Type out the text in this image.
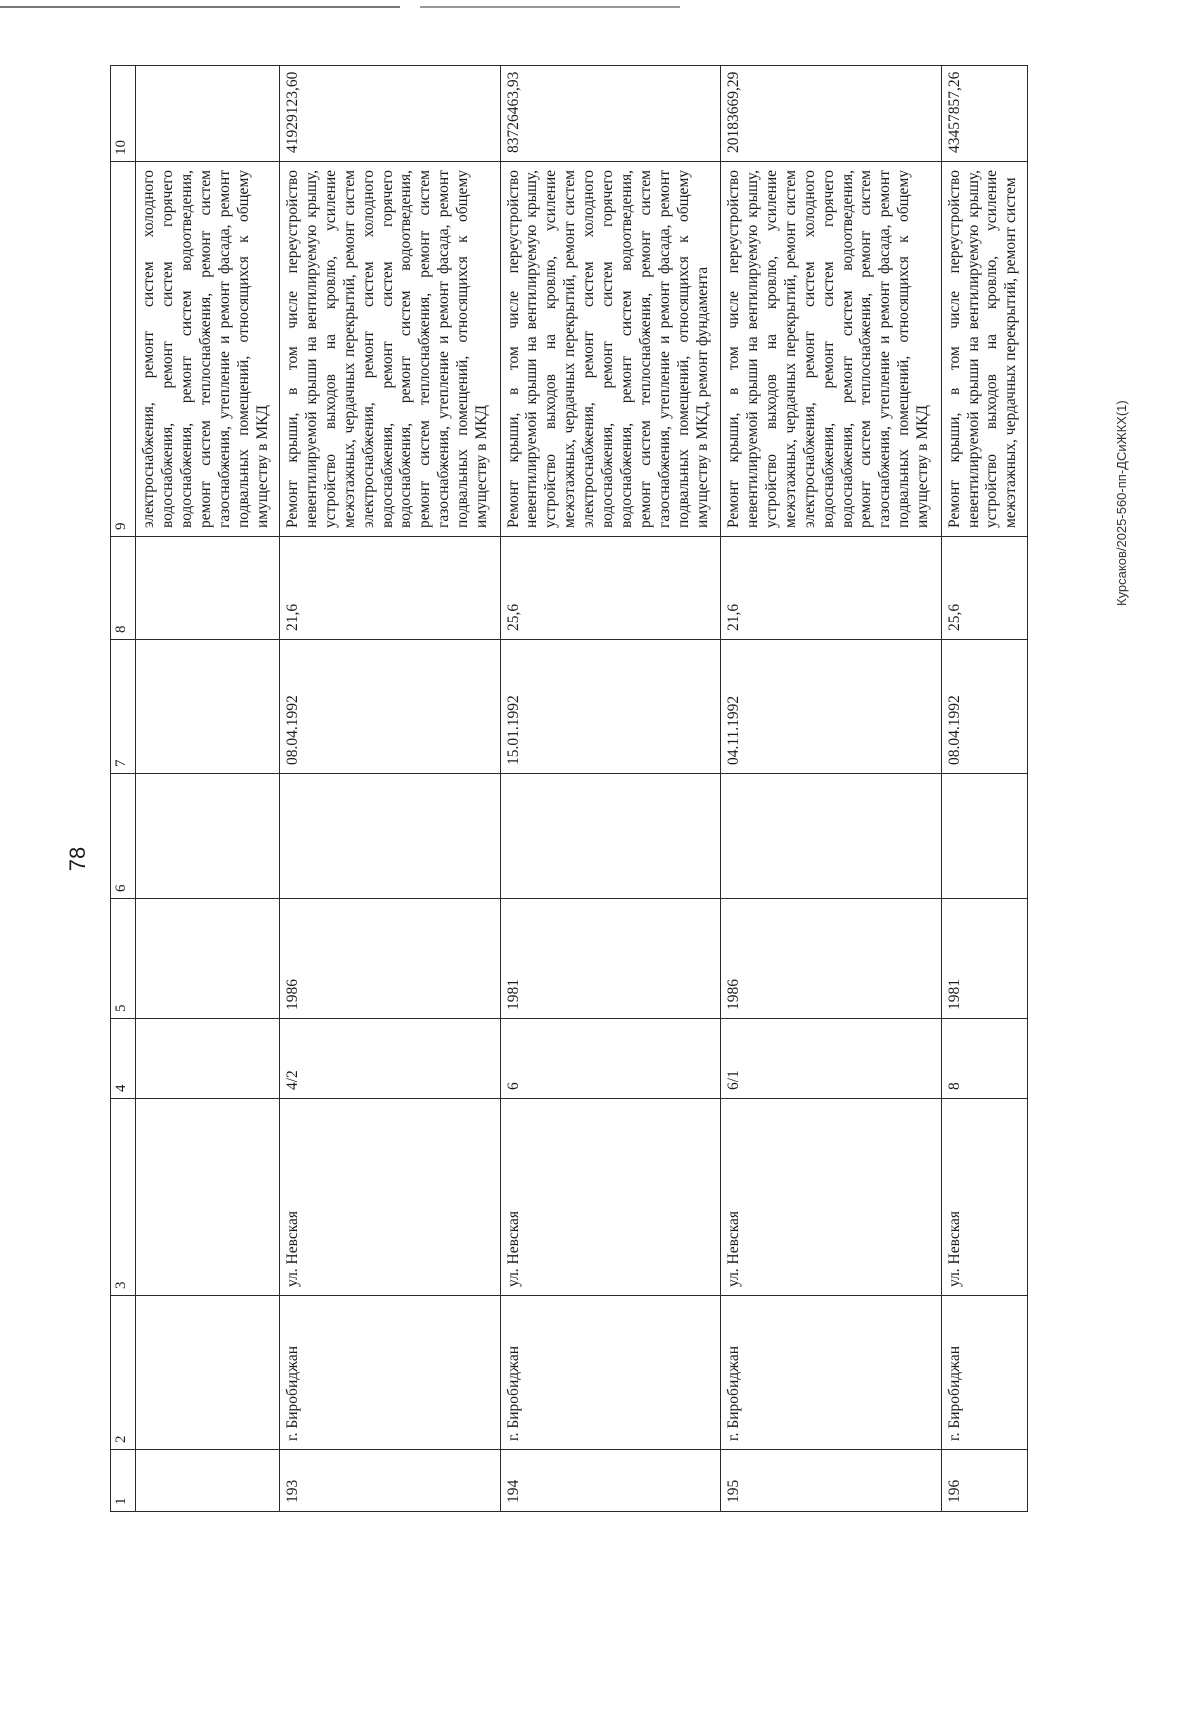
78
1	2	3	4	5	6	7	8	9	10
								электроснабжения, ремонт систем холодного водоснабжения, ремонт систем горячего водоснабжения, ремонт систем водоотведения, ремонт систем теплоснабжения, ремонт систем газоснабжения, утепление и ремонт фасада, ремонт подвальных помещений, относящихся к общему имуществу в МКД	
193	г. Биробиджан	ул. Невская	4/2	1986		08.04.1992	21,6	Ремонт крыши, в том числе переустройство невентилируемой крыши на вентилируемую крышу, устройство выходов на кровлю, усиление межэтажных, чердачных перекрытий, ремонт систем электроснабжения, ремонт систем холодного водоснабжения, ремонт систем горячего водоснабжения, ремонт систем водоотведения, ремонт систем теплоснабжения, ремонт систем газоснабжения, утепление и ремонт фасада, ремонт подвальных помещений, относящихся к общему имуществу в МКД	41929123,60
194	г. Биробиджан	ул. Невская	6	1981		15.01.1992	25,6	Ремонт крыши, в том числе переустройство невентилируемой крыши на вентилируемую крышу, устройство выходов на кровлю, усиление межэтажных, чердачных перекрытий, ремонт систем электроснабжения, ремонт систем холодного водоснабжения, ремонт систем горячего водоснабжения, ремонт систем водоотведения, ремонт систем теплоснабжения, ремонт систем газоснабжения, утепление и ремонт фасада, ремонт подвальных помещений, относящихся к общему имуществу в МКД, ремонт фундамента	83726463,93
195	г. Биробиджан	ул. Невская	6/1	1986		04.11.1992	21,6	Ремонт крыши, в том числе переустройство невентилируемой крыши на вентилируемую крышу, устройство выходов на кровлю, усиление межэтажных, чердачных перекрытий, ремонт систем электроснабжения, ремонт систем холодного водоснабжения, ремонт систем горячего водоснабжения, ремонт систем водоотведения, ремонт систем теплоснабжения, ремонт систем газоснабжения, утепление и ремонт фасада, ремонт подвальных помещений, относящихся к общему имуществу в МКД	20183669,29
196	г. Биробиджан	ул. Невская	8	1981		08.04.1992	25,6	Ремонт крыши, в том числе переустройство невентилируемой крыши на вентилируемую крышу, устройство выходов на кровлю, усиление межэтажных, чердачных перекрытий, ремонт систем	43457857,26
Курсаков/2025-560-пп-ДСиЖКХ(1)
